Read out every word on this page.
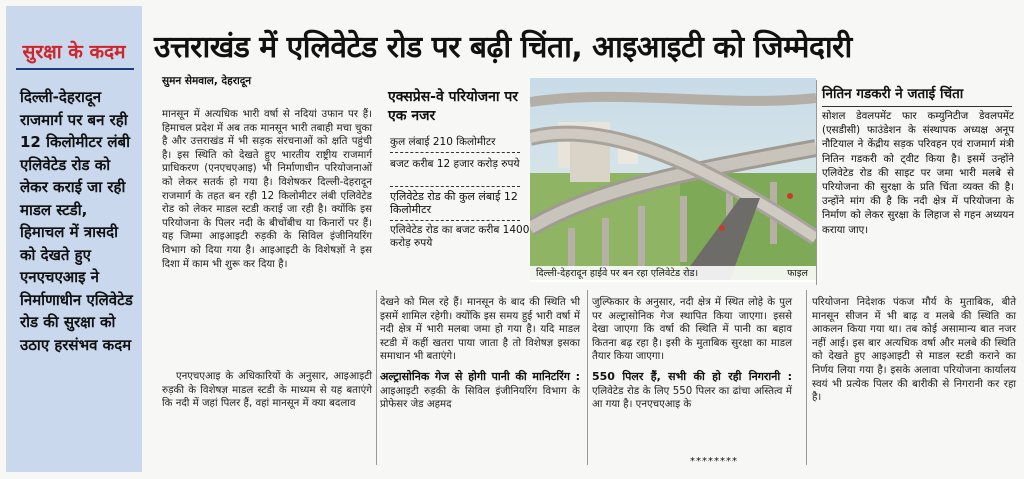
सुरक्षा के कदम
दिल्ली-देहरादून राजमार्ग पर बन रही 12 किलोमीटर लंबी एलिवेटेड रोड को लेकर कराई जा रही माडल स्टडी, हिमाचल में त्रासदी को देखते हुए एनएचएआइ ने निर्माणाधीन एलिवेटेड रोड की सुरक्षा को उठाए हरसंभव कदम
उत्तराखंड में एलिवेटेड रोड पर बढ़ी चिंता, आइआइटी को जिम्मेदारी
सुमन सेमवाल, देहरादून
मानसून में अत्यधिक भारी वर्षा से नदियां उफान पर हैं। हिमाचल प्रदेश में अब तक मानसून भारी तबाही मचा चुका है और उत्तराखंड में भी सड़क संरचनाओं को क्षति पहुंची है। इस स्थिति को देखते हुए भारतीय राष्ट्रीय राजमार्ग प्राधिकरण (एनएचएआइ) भी निर्माणाधीन परियोजनाओं को लेकर सतर्क हो गया है। विशेषकर दिल्ली-देहरादून राजमार्ग के तहत बन रही 12 किलोमीटर लंबी एलिवेटेड रोड को लेकर माडल स्टडी कराई जा रही है। क्योंकि इस परियोजना के पिलर नदी के बीचोंबीच या किनारों पर हैं। यह जिम्मा आइआइटी रुड़की के सिविल इंजीनियरिंग विभाग को दिया गया है। आइआइटी के विशेषज्ञों ने इस दिशा में काम भी शुरू कर दिया है।
एनएचएआइ के अधिकारियों के अनुसार, आइआइटी रुड़की के विशेषज्ञ माडल स्टडी के माध्यम से यह बताएंगे कि नदी में जहां पिलर हैं, वहां मानसून में क्या बदलाव
एक्सप्रेस-वे परियोजना पर एक नजर
कुल लंबाई 210 किलोमीटर
बजट करीब 12 हजार करोड़ रुपये
एलिवेटेड रोड की कुल लंबाई 12 किलोमीटर
एलिवेटेड रोड का बजट करीब 1400 करोड़ रुपये
दिल्ली-देहरादून हाईवे पर बन रहा एलिवेटेड रोड।	फाइल
नितिन गडकरी ने जताई चिंता
सोशल डेवलपमेंट फार कम्युनिटीज डेवलपमेंट (एसडीसी) फाउंडेशन के संस्थापक अध्यक्ष अनूप नौटियाल ने केंद्रीय सड़क परिवहन एवं राजमार्ग मंत्री नितिन गडकरी को ट्वीट किया है। इसमें उन्होंने एलिवेटेड रोड की साइट पर जमा भारी मलबे से परियोजना की सुरक्षा के प्रति चिंता व्यक्त की है। उन्होंने मांग की है कि नदी क्षेत्र में परियोजना के निर्माण को लेकर सुरक्षा के लिहाज से गहन अध्ययन कराया जाए।
देखने को मिल रहे हैं। मानसून के बाद की स्थिति भी इसमें शामिल रहेगी। क्योंकि इस समय हुई भारी वर्षा में नदी क्षेत्र में भारी मलबा जमा हो गया है। यदि माडल स्टडी में कहीं खतरा पाया जाता है तो विशेषज्ञ इसका समाधान भी बताएंगे।
अल्ट्रासोनिक गेज से होगी पानी की मानिटरिंग : आइआइटी रुड़की के सिविल इंजीनियरिंग विभाग के प्रोफेसर जेड अहमद
जुल्फिकार के अनुसार, नदी क्षेत्र में स्थित लोहे के पुल पर अल्ट्रासोनिक गेज स्थापित किया जाएगा। इससे देखा जाएगा कि वर्षा की स्थिति में पानी का बहाव कितना बढ़ रहा है। इसी के मुताबिक सुरक्षा का माडल तैयार किया जाएगा।
550 पिलर हैं, सभी की हो रही निगरानी : एलिवेटेड रोड के लिए 550 पिलर का ढांचा अस्तित्व में आ गया है। एनएचएआइ के
परियोजना निदेशक पंकज मौर्य के मुताबिक, बीते मानसून सीजन में भी बाढ़ व मलबे की स्थिति का आकलन किया गया था। तब कोई असामान्य बात नजर नहीं आई। इस बार अत्यधिक वर्षा और मलबे की स्थिति को देखते हुए आइआइटी से माडल स्टडी कराने का निर्णय लिया गया है। इसके अलावा परियोजना कार्यालय स्वयं भी प्रत्येक पिलर की बारीकी से निगरानी कर रहा है।
********
